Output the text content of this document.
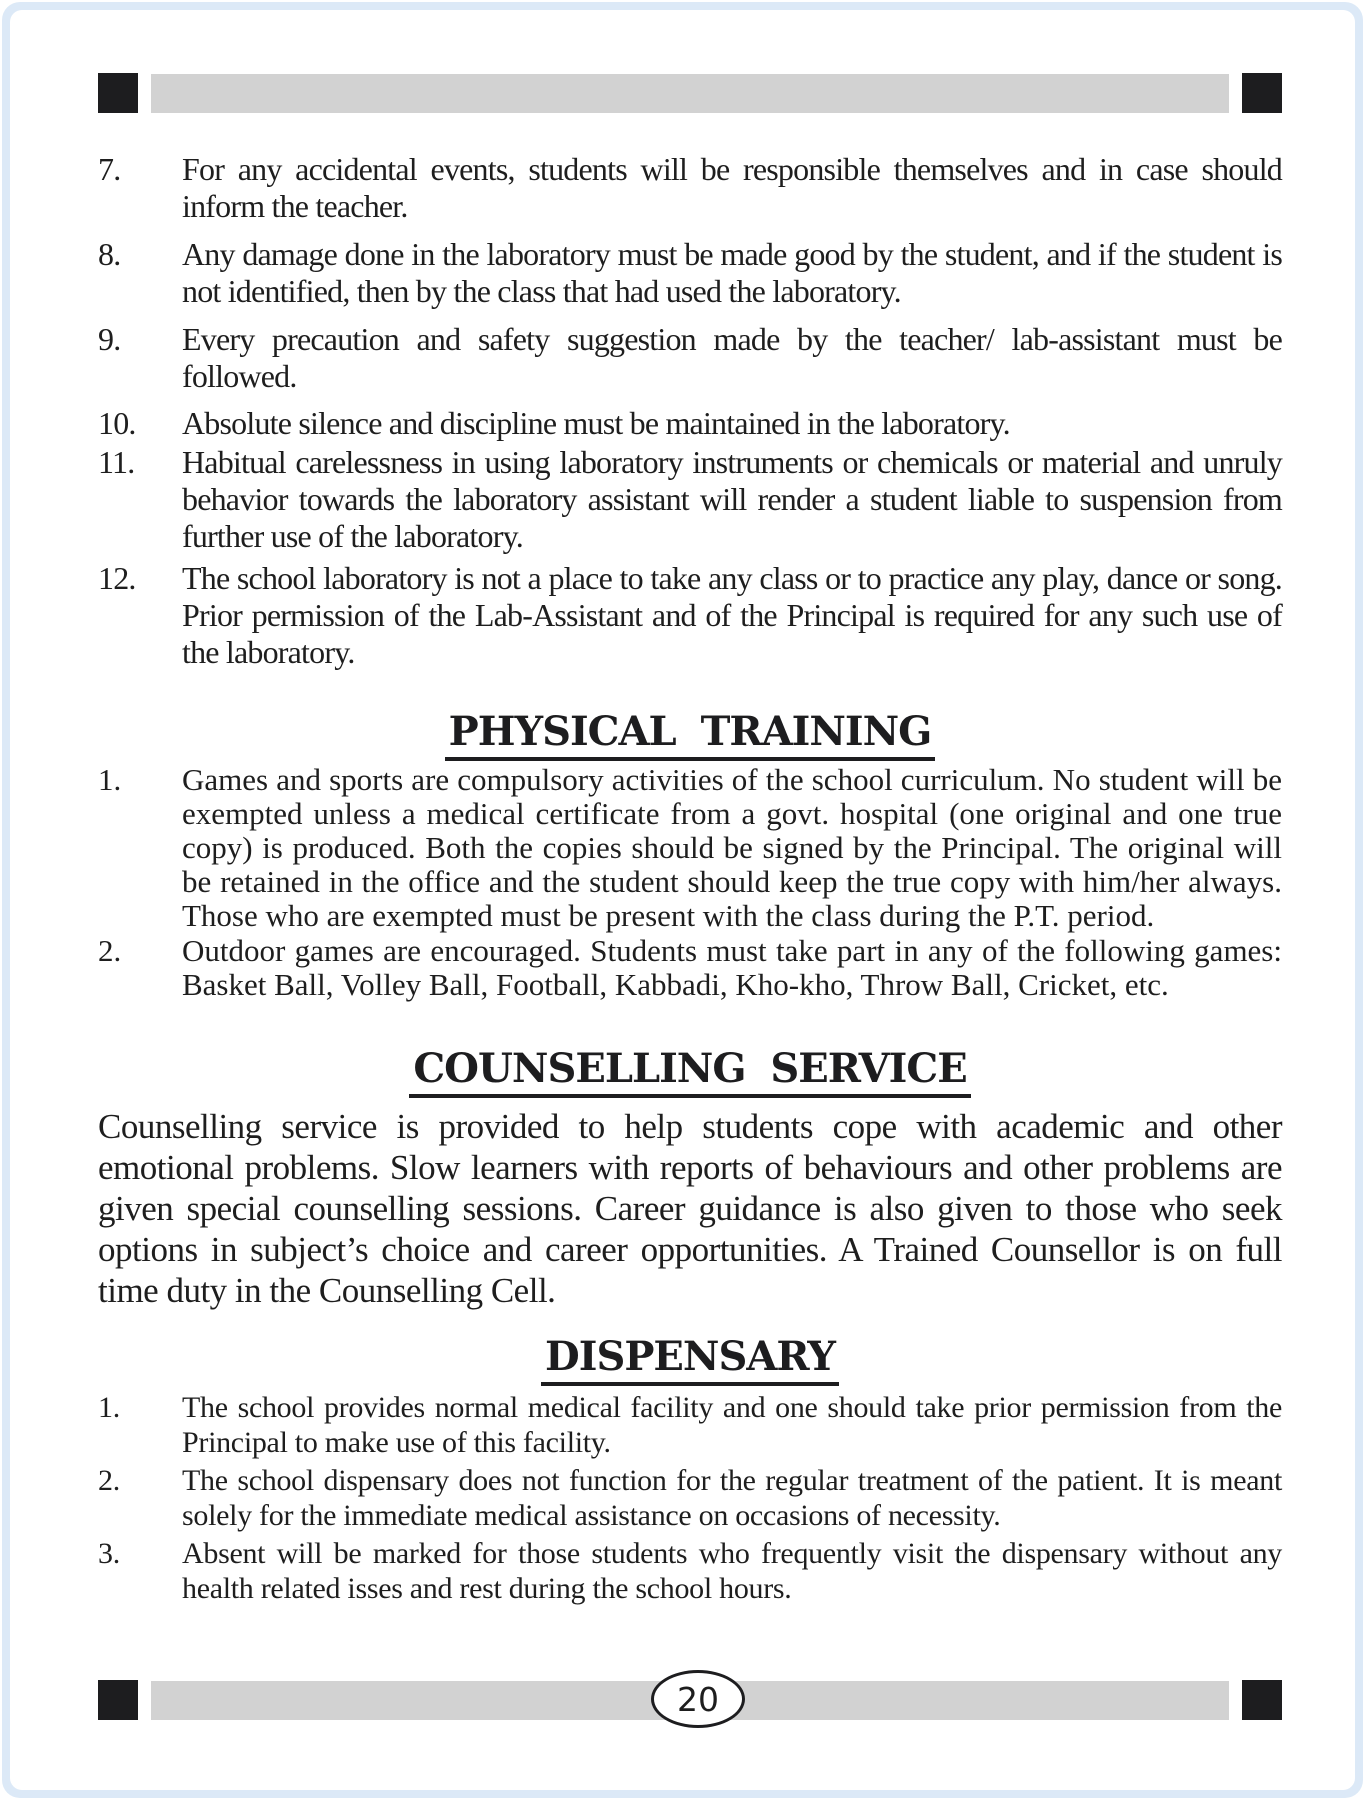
7.	For any accidental events, students will be responsible themselves and in case should inform the teacher.
8.	Any damage done in the laboratory must be made good by the student, and if the student is not identified, then by the class that had used the laboratory.
9.	Every precaution and safety suggestion made by the teacher/ lab-assistant must be followed.
10.	Absolute silence and discipline must be maintained in the laboratory.
11.	Habitual carelessness in using laboratory instruments or chemicals or material and unruly behavior towards the laboratory assistant will render a student liable to suspension from further use of the laboratory.
12.	The school laboratory is not a place to take any class or to practice any play, dance or song. Prior permission of the Lab-Assistant and of the Principal is required for any such use of the laboratory.
PHYSICAL TRAINING
1.	Games and sports are compulsory activities of the school curriculum. No student will be exempted unless a medical certificate from a govt. hospital (one original and one true copy) is produced. Both the copies should be signed by the Principal. The original will be retained in the office and the student should keep the true copy with him/her always. Those who are exempted must be present with the class during the P.T. period.
2.	Outdoor games are encouraged. Students must take part in any of the following games: Basket Ball, Volley Ball, Football, Kabbadi, Kho-kho, Throw Ball, Cricket, etc.
COUNSELLING SERVICE
Counselling service is provided to help students cope with academic and other emotional problems. Slow learners with reports of behaviours and other problems are given special counselling sessions. Career guidance is also given to those who seek options in subject’s choice and career opportunities. A Trained Counsellor is on full time duty in the Counselling Cell.
DISPENSARY
1.	The school provides normal medical facility and one should take prior permission from the Principal to make use of this facility.
2.	The school dispensary does not function for the regular treatment of the patient. It is meant solely for the immediate medical assistance on occasions of necessity.
3.	Absent will be marked for those students who frequently visit the dispensary without any health related isses and rest during the school hours.
20
